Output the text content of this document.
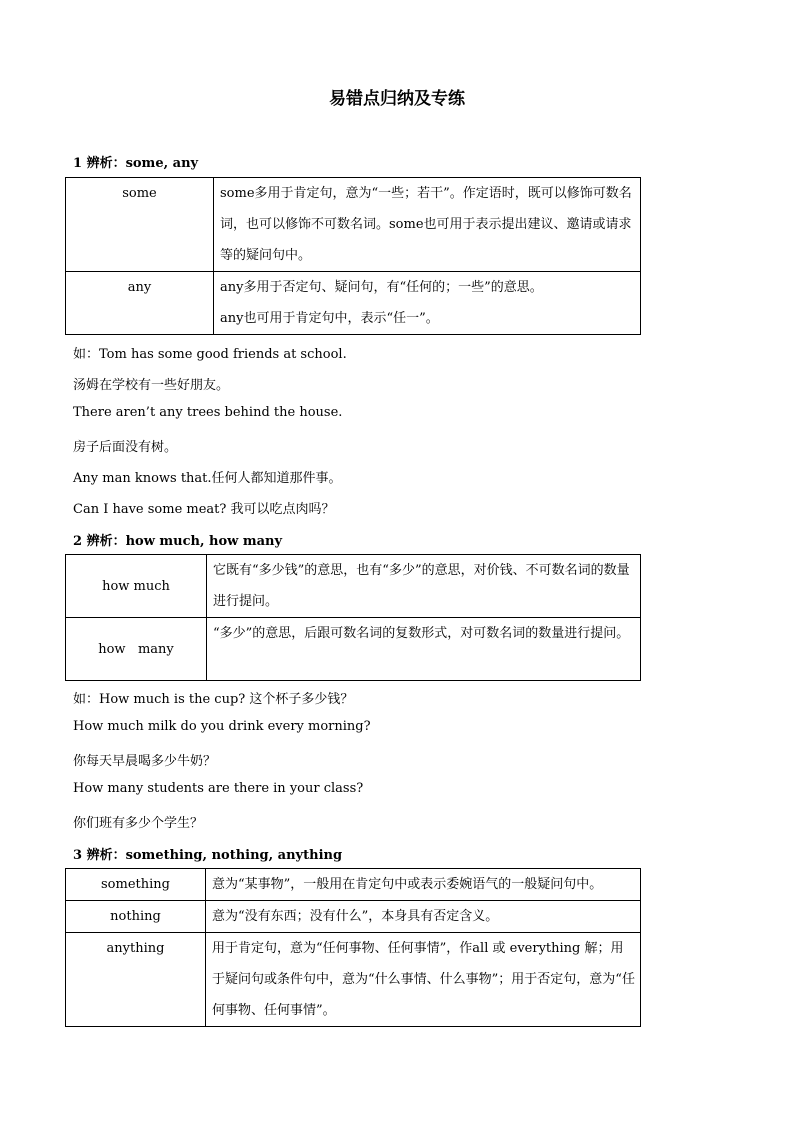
易错点归纳及专练
1 辨析：some, any
some	some多用于肯定句，意为“一些；若干”。作定语时，既可以修饰可数名词，也可以修饰不可数名词。some也可用于表示提出建议、邀请或请求等的疑问句中。

any	any多用于否定句、疑问句，有“任何的；一些”的意思。
any也可用于肯定句中，表示“任一”。
如：Tom has some good friends at school.
汤姆在学校有一些好朋友。
There aren’t any trees behind the house.
房子后面没有树。
Any man knows that.任何人都知道那件事。
Can I have some meat? 我可以吃点肉吗？
2 辨析：how much, how many
how much	它既有“多少钱”的意思，也有“多少”的意思，对价钱、不可数名词的数量进行提问。

how   many	“多少”的意思，后跟可数名词的复数形式，对可数名词的数量进行提问。
如：How much is the cup? 这个杯子多少钱？
How much milk do you drink every morning?
你每天早晨喝多少牛奶？
How many students are there in your class?
你们班有多少个学生？
3 辨析：something, nothing, anything
something	意为“某事物”，一般用在肯定句中或表示委婉语气的一般疑问句中。

nothing	意为“没有东西；没有什么”，本身具有否定含义。

anything	用于肯定句，意为“任何事物、任何事情”，作all 或 everything 解；用于疑问句或条件句中，意为“什么事情、什么事物”；用于否定句，意为“任何事物、任何事情”。
